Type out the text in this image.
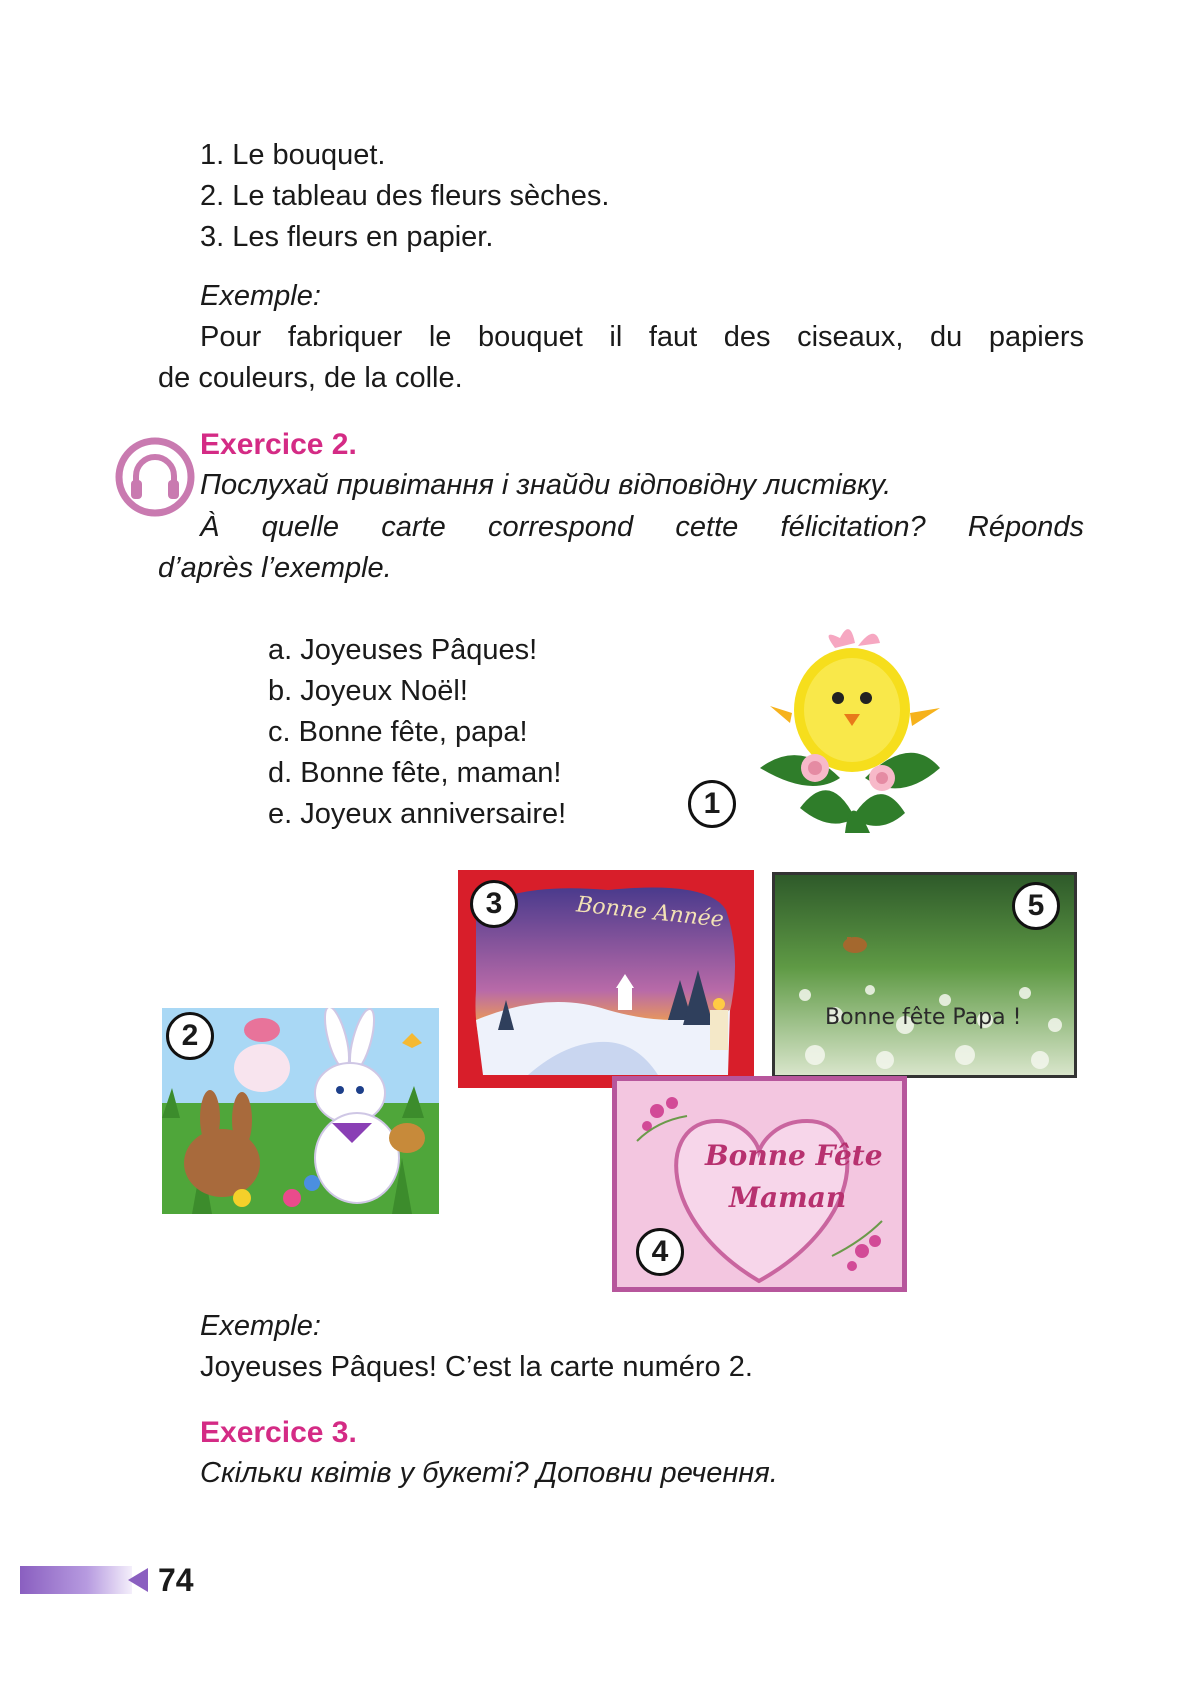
1. Le bouquet.
2. Le tableau des fleurs sèches.
3. Les fleurs en papier.
Exemple:
Pour fabriquer le bouquet il faut des ciseaux, du papiers
de couleurs, de la colle.
Exercice 2.
Послухай привітання і знайди відповідну листівку.
À quelle carte correspond cette félicitation? Réponds
d’après l’exemple.
a. Joyeuses Pâques!
b. Joyeux Noël!
c. Bonne fête, papa!
d. Bonne fête, maman!
e. Joyeux anniversaire!	1
Bonne Année
3
Bonne fête Papa !
5
2
Bonne Fête
Maman
4
Exemple:
Joyeuses Pâques! C’est la carte numéro 2.
Exercice 3.
Скільки квітів у букеті? Доповни речення.
74
